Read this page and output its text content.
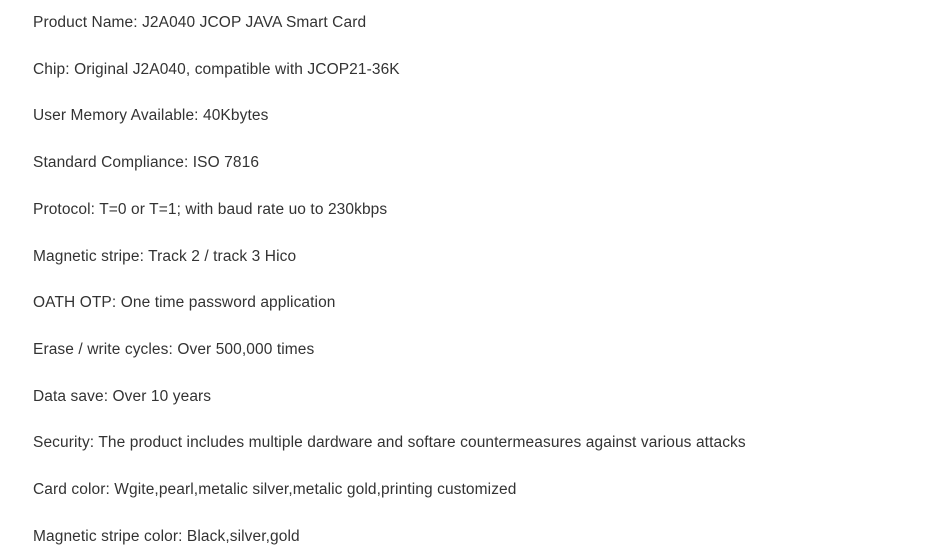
Product Name: J2A040 JCOP JAVA Smart Card
Chip: Original J2A040, compatible with JCOP21-36K
User Memory Available: 40Kbytes
Standard Compliance: ISO 7816
Protocol: T=0 or T=1; with baud rate uo to 230kbps
Magnetic stripe: Track 2 / track 3 Hico
OATH OTP: One time password application
Erase / write cycles: Over 500,000 times
Data save: Over 10 years
Security: The product includes multiple dardware and softare countermeasures against various attacks
Card color: Wgite,pearl,metalic silver,metalic gold,printing customized
Magnetic stripe color: Black,silver,gold
